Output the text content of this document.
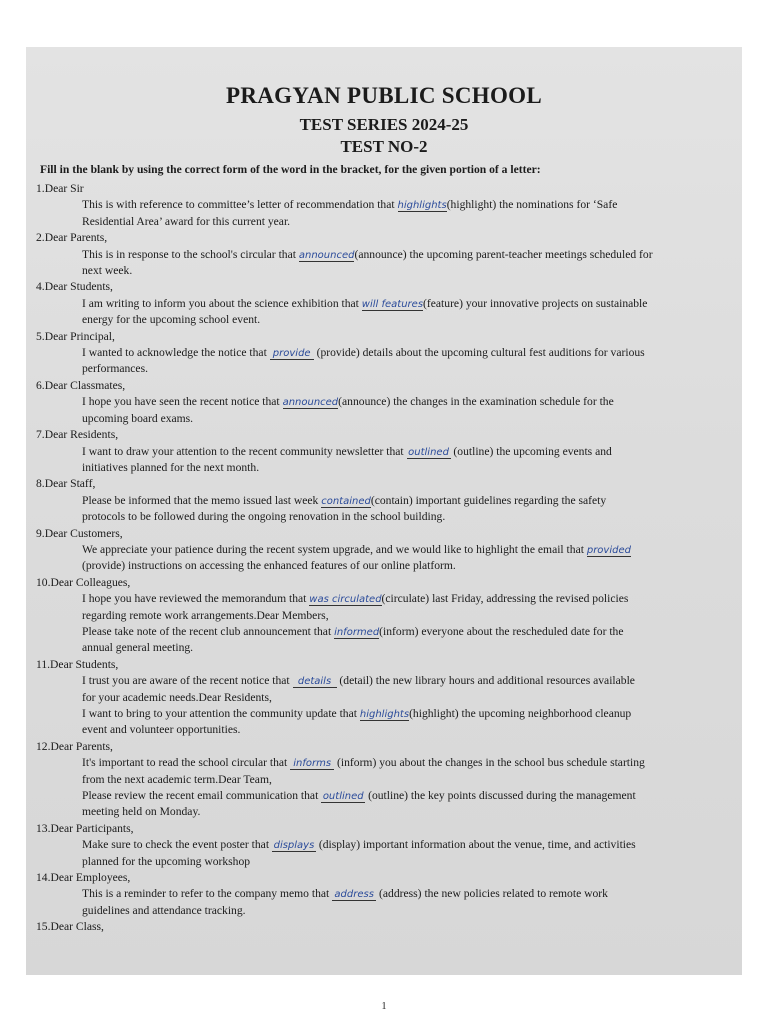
PRAGYAN PUBLIC SCHOOL
TEST SERIES 2024-25
TEST NO-2
Fill in the blank by using the correct form of the word in the bracket, for the given portion of a letter:
1.Dear Sir
This is with reference to committee’s letter of recommendation that highlights(highlight) the nominations for ‘Safe
Residential Area’ award for this current year.
2.Dear Parents,
This is in response to the school's circular that announced(announce) the upcoming parent-teacher meetings scheduled for
next week.
4.Dear Students,
I am writing to inform you about the science exhibition that will features(feature) your innovative projects on sustainable
energy for the upcoming school event.
5.Dear Principal,
I wanted to acknowledge the notice that provide (provide) details about the upcoming cultural fest auditions for various
performances.
6.Dear Classmates,
I hope you have seen the recent notice that announced(announce) the changes in the examination schedule for the
upcoming board exams.
7.Dear Residents,
I want to draw your attention to the recent community newsletter that outlined (outline) the upcoming events and
initiatives planned for the next month.
8.Dear Staff,
Please be informed that the memo issued last week contained(contain) important guidelines regarding the safety
protocols to be followed during the ongoing renovation in the school building.
9.Dear Customers,
We appreciate your patience during the recent system upgrade, and we would like to highlight the email that provided
(provide) instructions on accessing the enhanced features of our online platform.
10.Dear Colleagues,
I hope you have reviewed the memorandum that was circulated(circulate) last Friday, addressing the revised policies
regarding remote work arrangements.Dear Members,
Please take note of the recent club announcement that informed(inform) everyone about the rescheduled date for the
annual general meeting.
11.Dear Students,
I trust you are aware of the recent notice that details (detail) the new library hours and additional resources available
for your academic needs.Dear Residents,
I want to bring to your attention the community update that highlights(highlight) the upcoming neighborhood cleanup
event and volunteer opportunities.
12.Dear Parents,
It's important to read the school circular that informs (inform) you about the changes in the school bus schedule starting
from the next academic term.Dear Team,
Please review the recent email communication that outlined (outline) the key points discussed during the management
meeting held on Monday.
13.Dear Participants,
Make sure to check the event poster that displays (display) important information about the venue, time, and activities
planned for the upcoming workshop
14.Dear Employees,
This is a reminder to refer to the company memo that address (address) the new policies related to remote work
guidelines and attendance tracking.
15.Dear Class,
1
